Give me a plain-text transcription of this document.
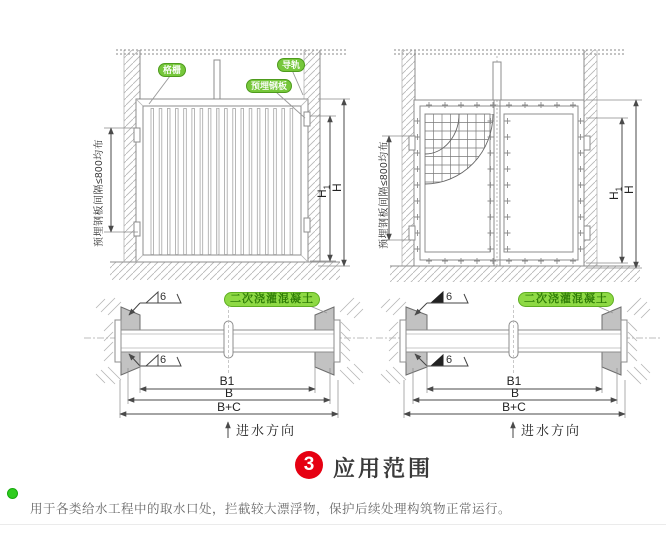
格栅	导轨
预埋钢板
预埋钢板间隔≤800均布	预埋钢板间隔≤800均布
$H_1$
H
$H_1$
H
二次浇灌混凝土	二次浇灌混凝土
6
6
6
6
B1
B
B+C
B1
B
B+C
进水方向	进水方向
3 应用范围
用于各类给水工程中的取水口处，拦截较大漂浮物，保护后续处理构筑物正常运行。
